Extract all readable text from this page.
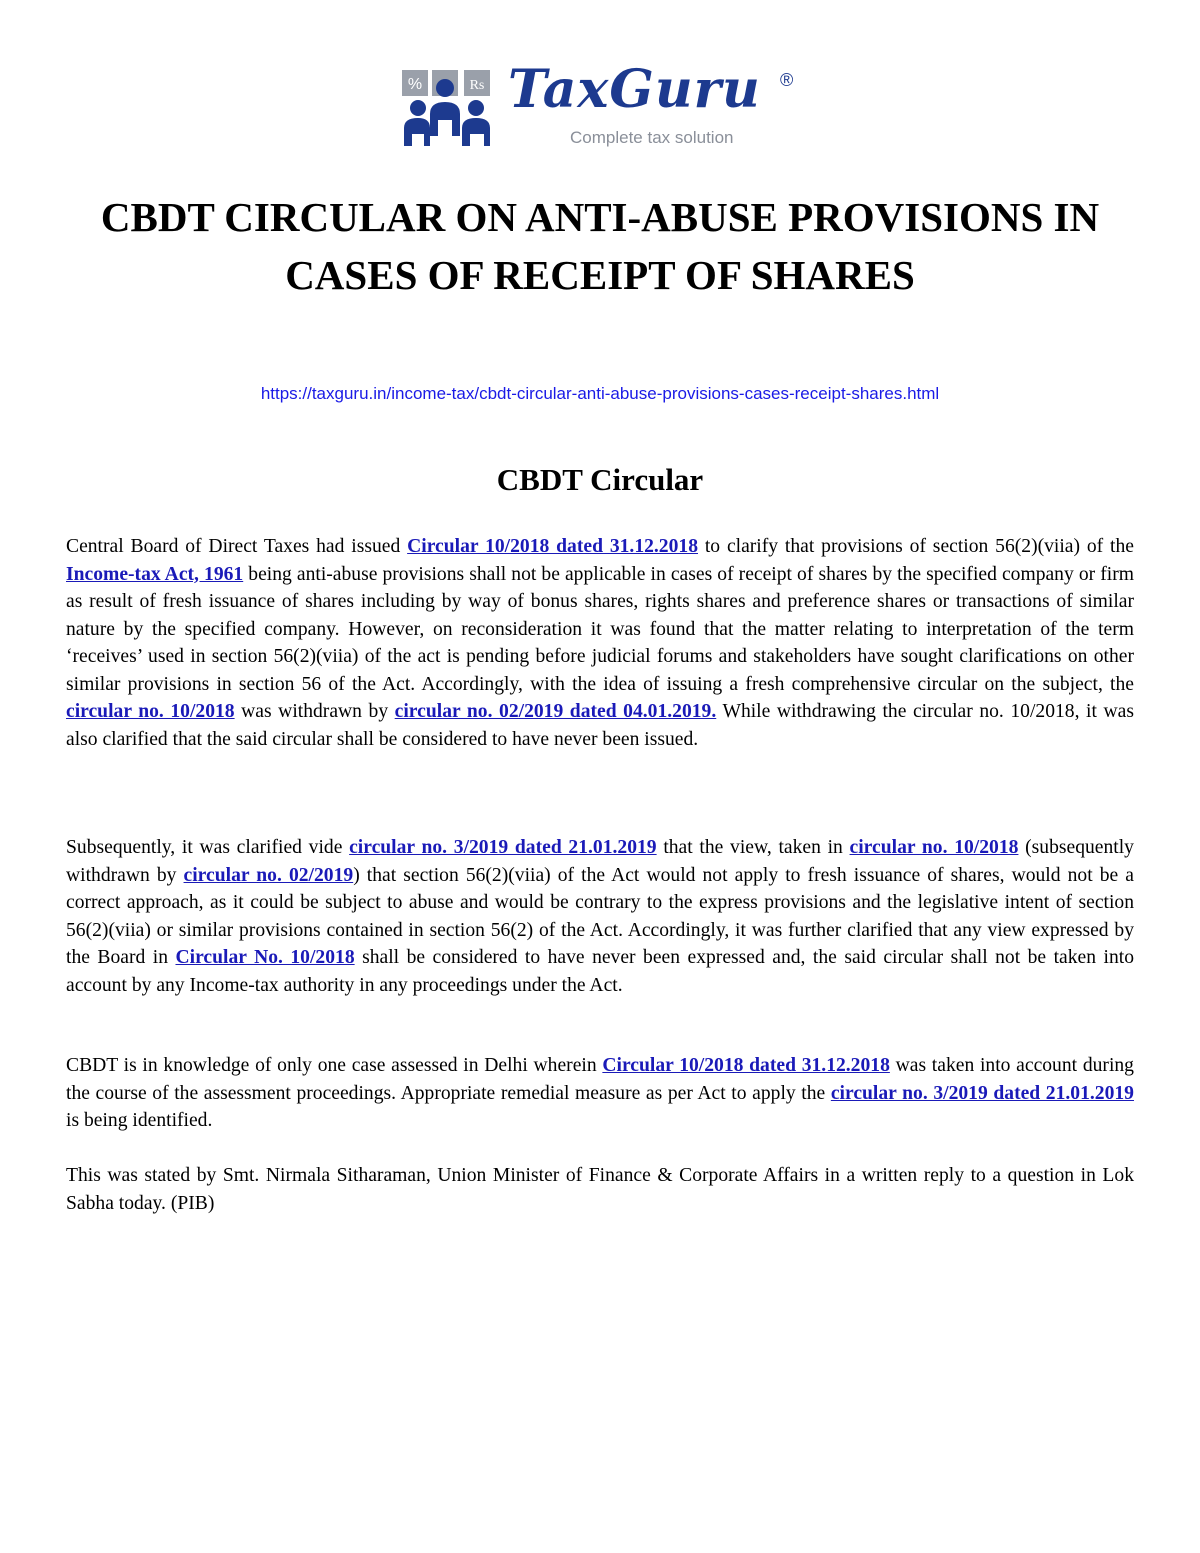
%	Rs TaxGuru ®
Complete tax solution
CBDT CIRCULAR ON ANTI-ABUSE PROVISIONS IN CASES OF RECEIPT OF SHARES
https://taxguru.in/income-tax/cbdt-circular-anti-abuse-provisions-cases-receipt-shares.html
CBDT Circular

Central Board of Direct Taxes had issued Circular 10/2018 dated 31.12.2018 to clarify that provisions of section 56(2)(viia) of the Income-tax Act, 1961 being anti-abuse provisions shall not be applicable in cases of receipt of shares by the specified company or firm as result of fresh issuance of shares including by way of bonus shares, rights shares and preference shares or transactions of similar nature by the specified company. However, on reconsideration it was found that the matter relating to interpretation of the term ‘receives’ used in section 56(2)(viia) of the act is pending before judicial forums and stakeholders have sought clarifications on other similar provisions in section 56 of the Act. Accordingly, with the idea of issuing a fresh comprehensive circular on the subject, the circular no. 10/2018 was withdrawn by circular no. 02/2019 dated 04.01.2019. While withdrawing the circular no. 10/2018, it was also clarified that the said circular shall be considered to have never been issued.

Subsequently, it was clarified vide circular no. 3/2019 dated 21.01.2019 that the view, taken in circular no. 10/2018 (subsequently withdrawn by circular no. 02/2019) that section 56(2)(viia) of the Act would not apply to fresh issuance of shares, would not be a correct approach, as it could be subject to abuse and would be contrary to the express provisions and the legislative intent of section 56(2)(viia) or similar provisions contained in section 56(2) of the Act. Accordingly, it was further clarified that any view expressed by the Board in Circular No. 10/2018 shall be considered to have never been expressed and, the said circular shall not be taken into account by any Income-tax authority in any proceedings under the Act.

CBDT is in knowledge of only one case assessed in Delhi wherein Circular 10/2018 dated 31.12.2018 was taken into account during the course of the assessment proceedings. Appropriate remedial measure as per Act to apply the circular no. 3/2019 dated 21.01.2019 is being identified.

This was stated by Smt. Nirmala Sitharaman, Union Minister of Finance & Corporate Affairs in a written reply to a question in Lok Sabha today. (PIB)
